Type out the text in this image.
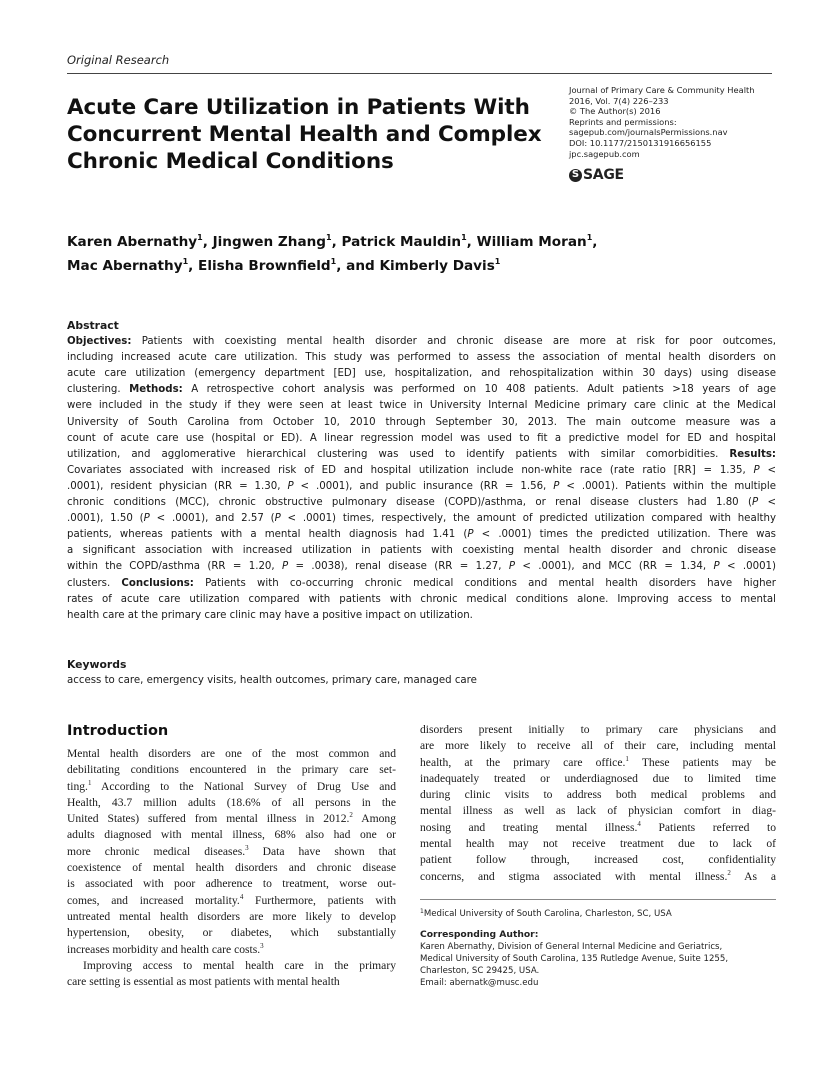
Original Research
Acute Care Utilization in Patients With
Concurrent Mental Health and Complex
Chronic Medical Conditions
Journal of Primary Care & Community Health
2016, Vol. 7(4) 226–233
© The Author(s) 2016
Reprints and permissions:
sagepub.com/journalsPermissions.nav
DOI: 10.1177/2150131916656155
jpc.sagepub.com
S SAGE
Karen Abernathy$^1$, Jingwen Zhang$^1$, Patrick Mauldin$^1$, William Moran$^1$,
Mac Abernathy$^1$, Elisha Brownfield$^1$, and Kimberly Davis$^1$
Abstract
Objectives: Patients with coexisting mental health disorder and chronic disease are more at risk for poor outcomes,
including increased acute care utilization. This study was performed to assess the association of mental health disorders on
acute care utilization (emergency department [ED] use, hospitalization, and rehospitalization within 30 days) using disease
clustering. Methods: A retrospective cohort analysis was performed on 10 408 patients. Adult patients >18 years of age
were included in the study if they were seen at least twice in University Internal Medicine primary care clinic at the Medical
University of South Carolina from October 10, 2010 through September 30, 2013. The main outcome measure was a
count of acute care use (hospital or ED). A linear regression model was used to fit a predictive model for ED and hospital
utilization, and agglomerative hierarchical clustering was used to identify patients with similar comorbidities. Results:
Covariates associated with increased risk of ED and hospital utilization include non-white race (rate ratio [RR] = 1.35, P <
.0001), resident physician (RR = 1.30, P < .0001), and public insurance (RR = 1.56, P < .0001). Patients within the multiple
chronic conditions (MCC), chronic obstructive pulmonary disease (COPD)/asthma, or renal disease clusters had 1.80 (P <
.0001), 1.50 (P < .0001), and 2.57 (P < .0001) times, respectively, the amount of predicted utilization compared with healthy
patients, whereas patients with a mental health diagnosis had 1.41 (P < .0001) times the predicted utilization. There was
a significant association with increased utilization in patients with coexisting mental health disorder and chronic disease
within the COPD/asthma (RR = 1.20, P = .0038), renal disease (RR = 1.27, P < .0001), and MCC (RR = 1.34, P < .0001)
clusters. Conclusions: Patients with co-occurring chronic medical conditions and mental health disorders have higher
rates of acute care utilization compared with patients with chronic medical conditions alone. Improving access to mental
health care at the primary care clinic may have a positive impact on utilization.
Keywords
access to care, emergency visits, health outcomes, primary care, managed care
Introduction
Mental health disorders are one of the most common and
debilitating conditions encountered in the primary care set-
ting.$^1$ According to the National Survey of Drug Use and
Health, 43.7 million adults (18.6% of all persons in the
United States) suffered from mental illness in 2012.$^2$ Among
adults diagnosed with mental illness, 68% also had one or
more chronic medical diseases.$^3$ Data have shown that
coexistence of mental health disorders and chronic disease
is associated with poor adherence to treatment, worse out-
comes, and increased mortality.$^4$ Furthermore, patients with
untreated mental health disorders are more likely to develop
hypertension, obesity, or diabetes, which substantially
increases morbidity and health care costs.$^3$
Improving access to mental health care in the primary
care setting is essential as most patients with mental health
disorders present initially to primary care physicians and
are more likely to receive all of their care, including mental
health, at the primary care office.$^1$ These patients may be
inadequately treated or underdiagnosed due to limited time
during clinic visits to address both medical problems and
mental illness as well as lack of physician comfort in diag-
nosing and treating mental illness.$^4$ Patients referred to
mental health may not receive treatment due to lack of
patient follow through, increased cost, confidentiality
concerns, and stigma associated with mental illness.$^2$ As a
$^1$Medical University of South Carolina, Charleston, SC, USA
Corresponding Author:
Karen Abernathy, Division of General Internal Medicine and Geriatrics,
Medical University of South Carolina, 135 Rutledge Avenue, Suite 1255,
Charleston, SC 29425, USA.
Email: abernatk@musc.edu
